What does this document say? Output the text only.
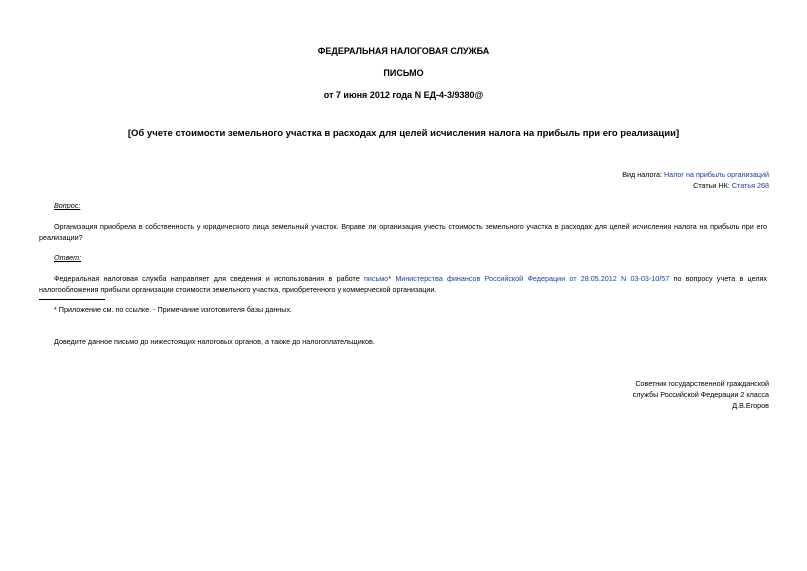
ФЕДЕРАЛЬНАЯ НАЛОГОВАЯ СЛУЖБА
ПИСЬМО
от 7 июня 2012 года N ЕД-4-3/9380@
[Об учете стоимости земельного участка в расходах для целей исчисления налога на прибыль при его реализации]
Вид налога: Налог на прибыль организаций
Статьи НК: Статья 268
Вопрос:
Организация приобрела в собственность у юридического лица земельный участок. Вправе ли организация учесть стоимость земельного участка в расходах для целей исчисления налога на прибыль при его реализации?
Ответ:
Федеральная налоговая служба направляет для сведения и использования в работе письмо* Министерства финансов Российской Федерации от 28.05.2012 N 03-03-10/57 по вопросу учета в целях налогообложения прибыли организации стоимости земельного участка, приобретенного у коммерческой организации.
* Приложение см. по ссылке. - Примечание изготовителя базы данных.
Доведите данное письмо до нижестоящих налоговых органов, а также до налогоплательщиков.
Советник государственной гражданской
службы Российской Федерации 2 класса
Д.В.Егоров
